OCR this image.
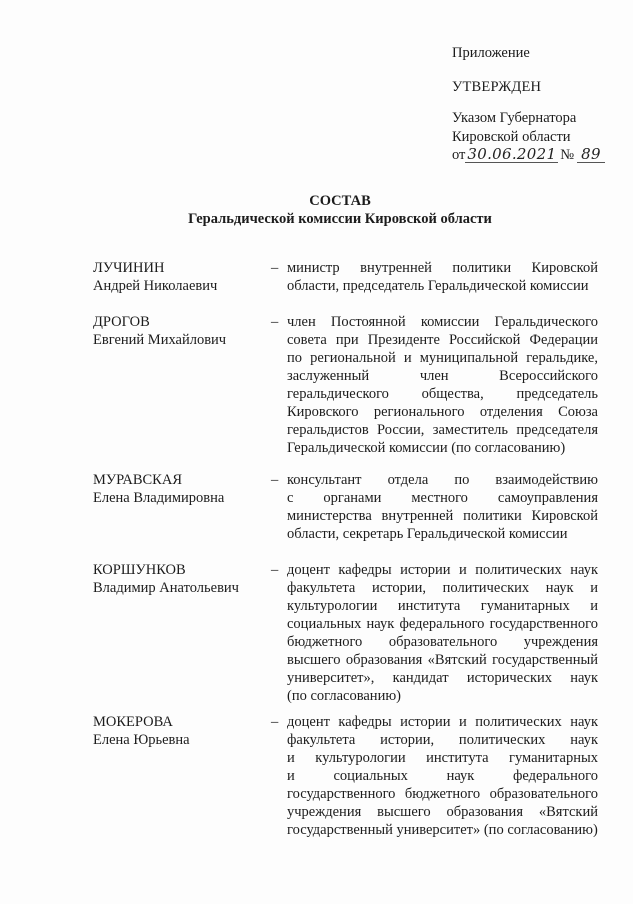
Приложение
УТВЕРЖДЕН
Указом Губернатора
Кировской области
от 30.06.2021 № 89
СОСТАВ
Геральдической комиссии Кировской области
ЛУЧИНИН
Андрей Николаевич
– министр внутренней политики Кировской
области, председатель Геральдической комиссии
ДРОГОВ
Евгений Михайлович
– член Постоянной комиссии Геральдического
совета при Президенте Российской Федерации
по региональной и муниципальной геральдике,
заслуженный член Всероссийского
геральдического общества, председатель
Кировского регионального отделения Союза
геральдистов России, заместитель председателя
Геральдической комиссии (по согласованию)
МУРАВСКАЯ
Елена Владимировна
– консультант отдела по взаимодействию
с органами местного самоуправления
министерства внутренней политики Кировской
области, секретарь Геральдической комиссии
КОРШУНКОВ
Владимир Анатольевич
– доцент кафедры истории и политических наук
факультета истории, политических наук и
культурологии института гуманитарных и
социальных наук федерального государственного
бюджетного образовательного учреждения
высшего образования «Вятский государственный
университет», кандидат исторических наук
(по согласованию)
МОКЕРОВА
Елена Юрьевна
– доцент кафедры истории и политических наук
факультета истории, политических наук
и культурологии института гуманитарных
и социальных наук федерального
государственного бюджетного образовательного
учреждения высшего образования «Вятский
государственный университет» (по согласованию)
